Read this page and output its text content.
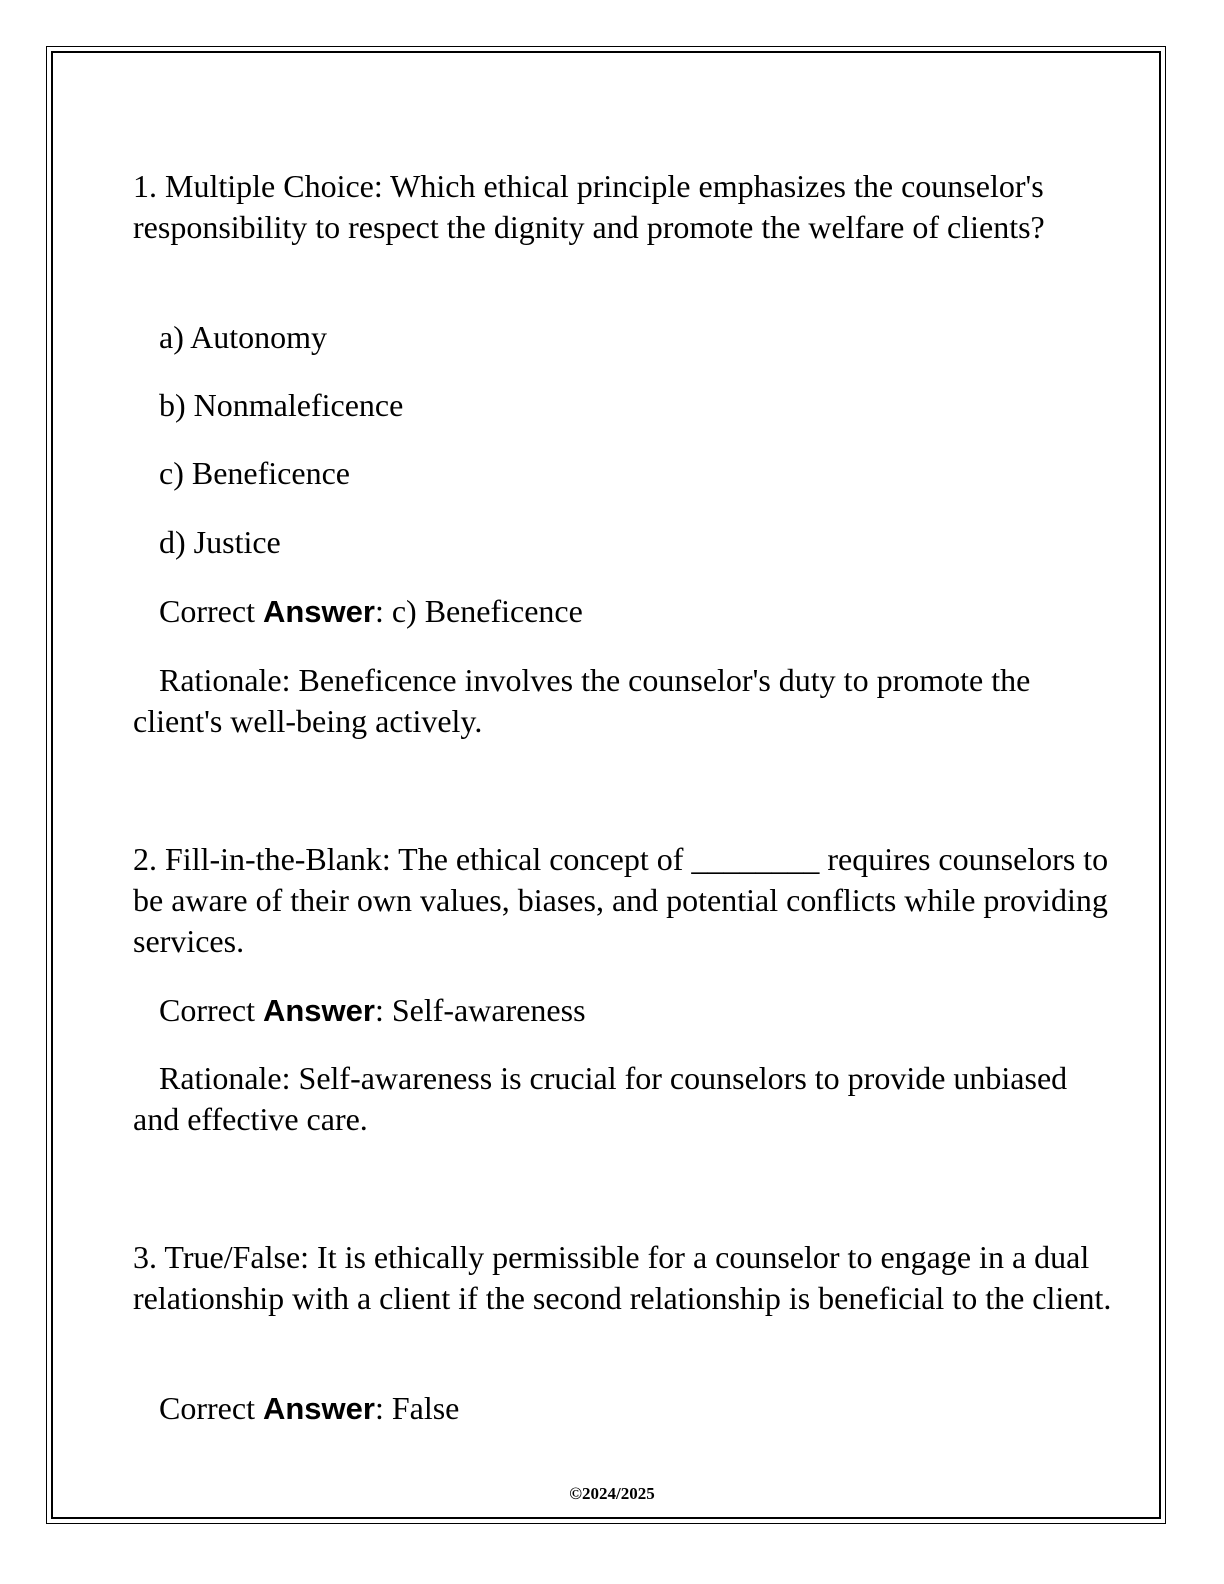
1. Multiple Choice: Which ethical principle emphasizes the counselor's responsibility to respect the dignity and promote the welfare of clients?
a) Autonomy
b) Nonmaleficence
c) Beneficence
d) Justice
Correct Answer: c) Beneficence
Rationale: Beneficence involves the counselor's duty to promote the client's well-being actively.
2. Fill-in-the-Blank: The ethical concept of ________ requires counselors to be aware of their own values, biases, and potential conflicts while providing services.
Correct Answer: Self-awareness
Rationale: Self-awareness is crucial for counselors to provide unbiased and effective care.
3. True/False: It is ethically permissible for a counselor to engage in a dual relationship with a client if the second relationship is beneficial to the client.
Correct Answer: False
©2024/2025
